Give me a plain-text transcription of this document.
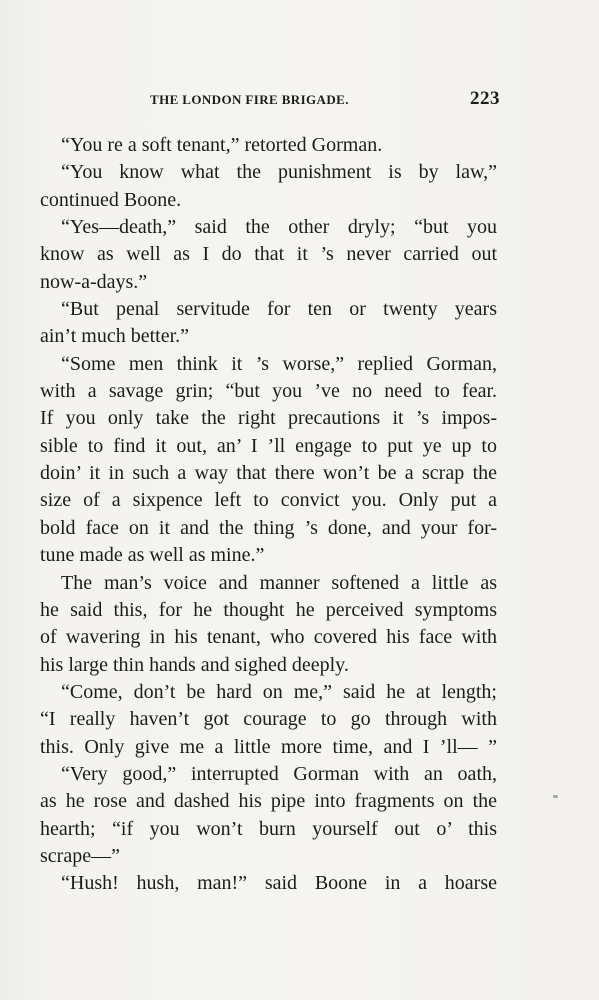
THE LONDON FIRE BRIGADE.	223
“You re a soft tenant,” retorted Gorman.
“You know what the punishment is by law,”
continued Boone.
“Yes—death,” said the other dryly; “but you
know as well as I do that it ’s never carried out
now-a-days.”
“But penal servitude for ten or twenty years
ain’t much better.”
“Some men think it ’s worse,” replied Gorman,
with a savage grin; “but you ’ve no need to fear.
If you only take the right precautions it ’s impos-
sible to find it out, an’ I ’ll engage to put ye up to
doin’ it in such a way that there won’t be a scrap the
size of a sixpence left to convict you. Only put a
bold face on it and the thing ’s done, and your for-
tune made as well as mine.”
The man’s voice and manner softened a little as
he said this, for he thought he perceived symptoms
of wavering in his tenant, who covered his face with
his large thin hands and sighed deeply.
“Come, don’t be hard on me,” said he at length;
“I really haven’t got courage to go through with
this. Only give me a little more time, and I ’ll— ”
“Very good,” interrupted Gorman with an oath,
as he rose and dashed his pipe into fragments on the
hearth; “if you won’t burn yourself out o’ this
scrape—”
“Hush! hush, man!” said Boone in a hoarse
